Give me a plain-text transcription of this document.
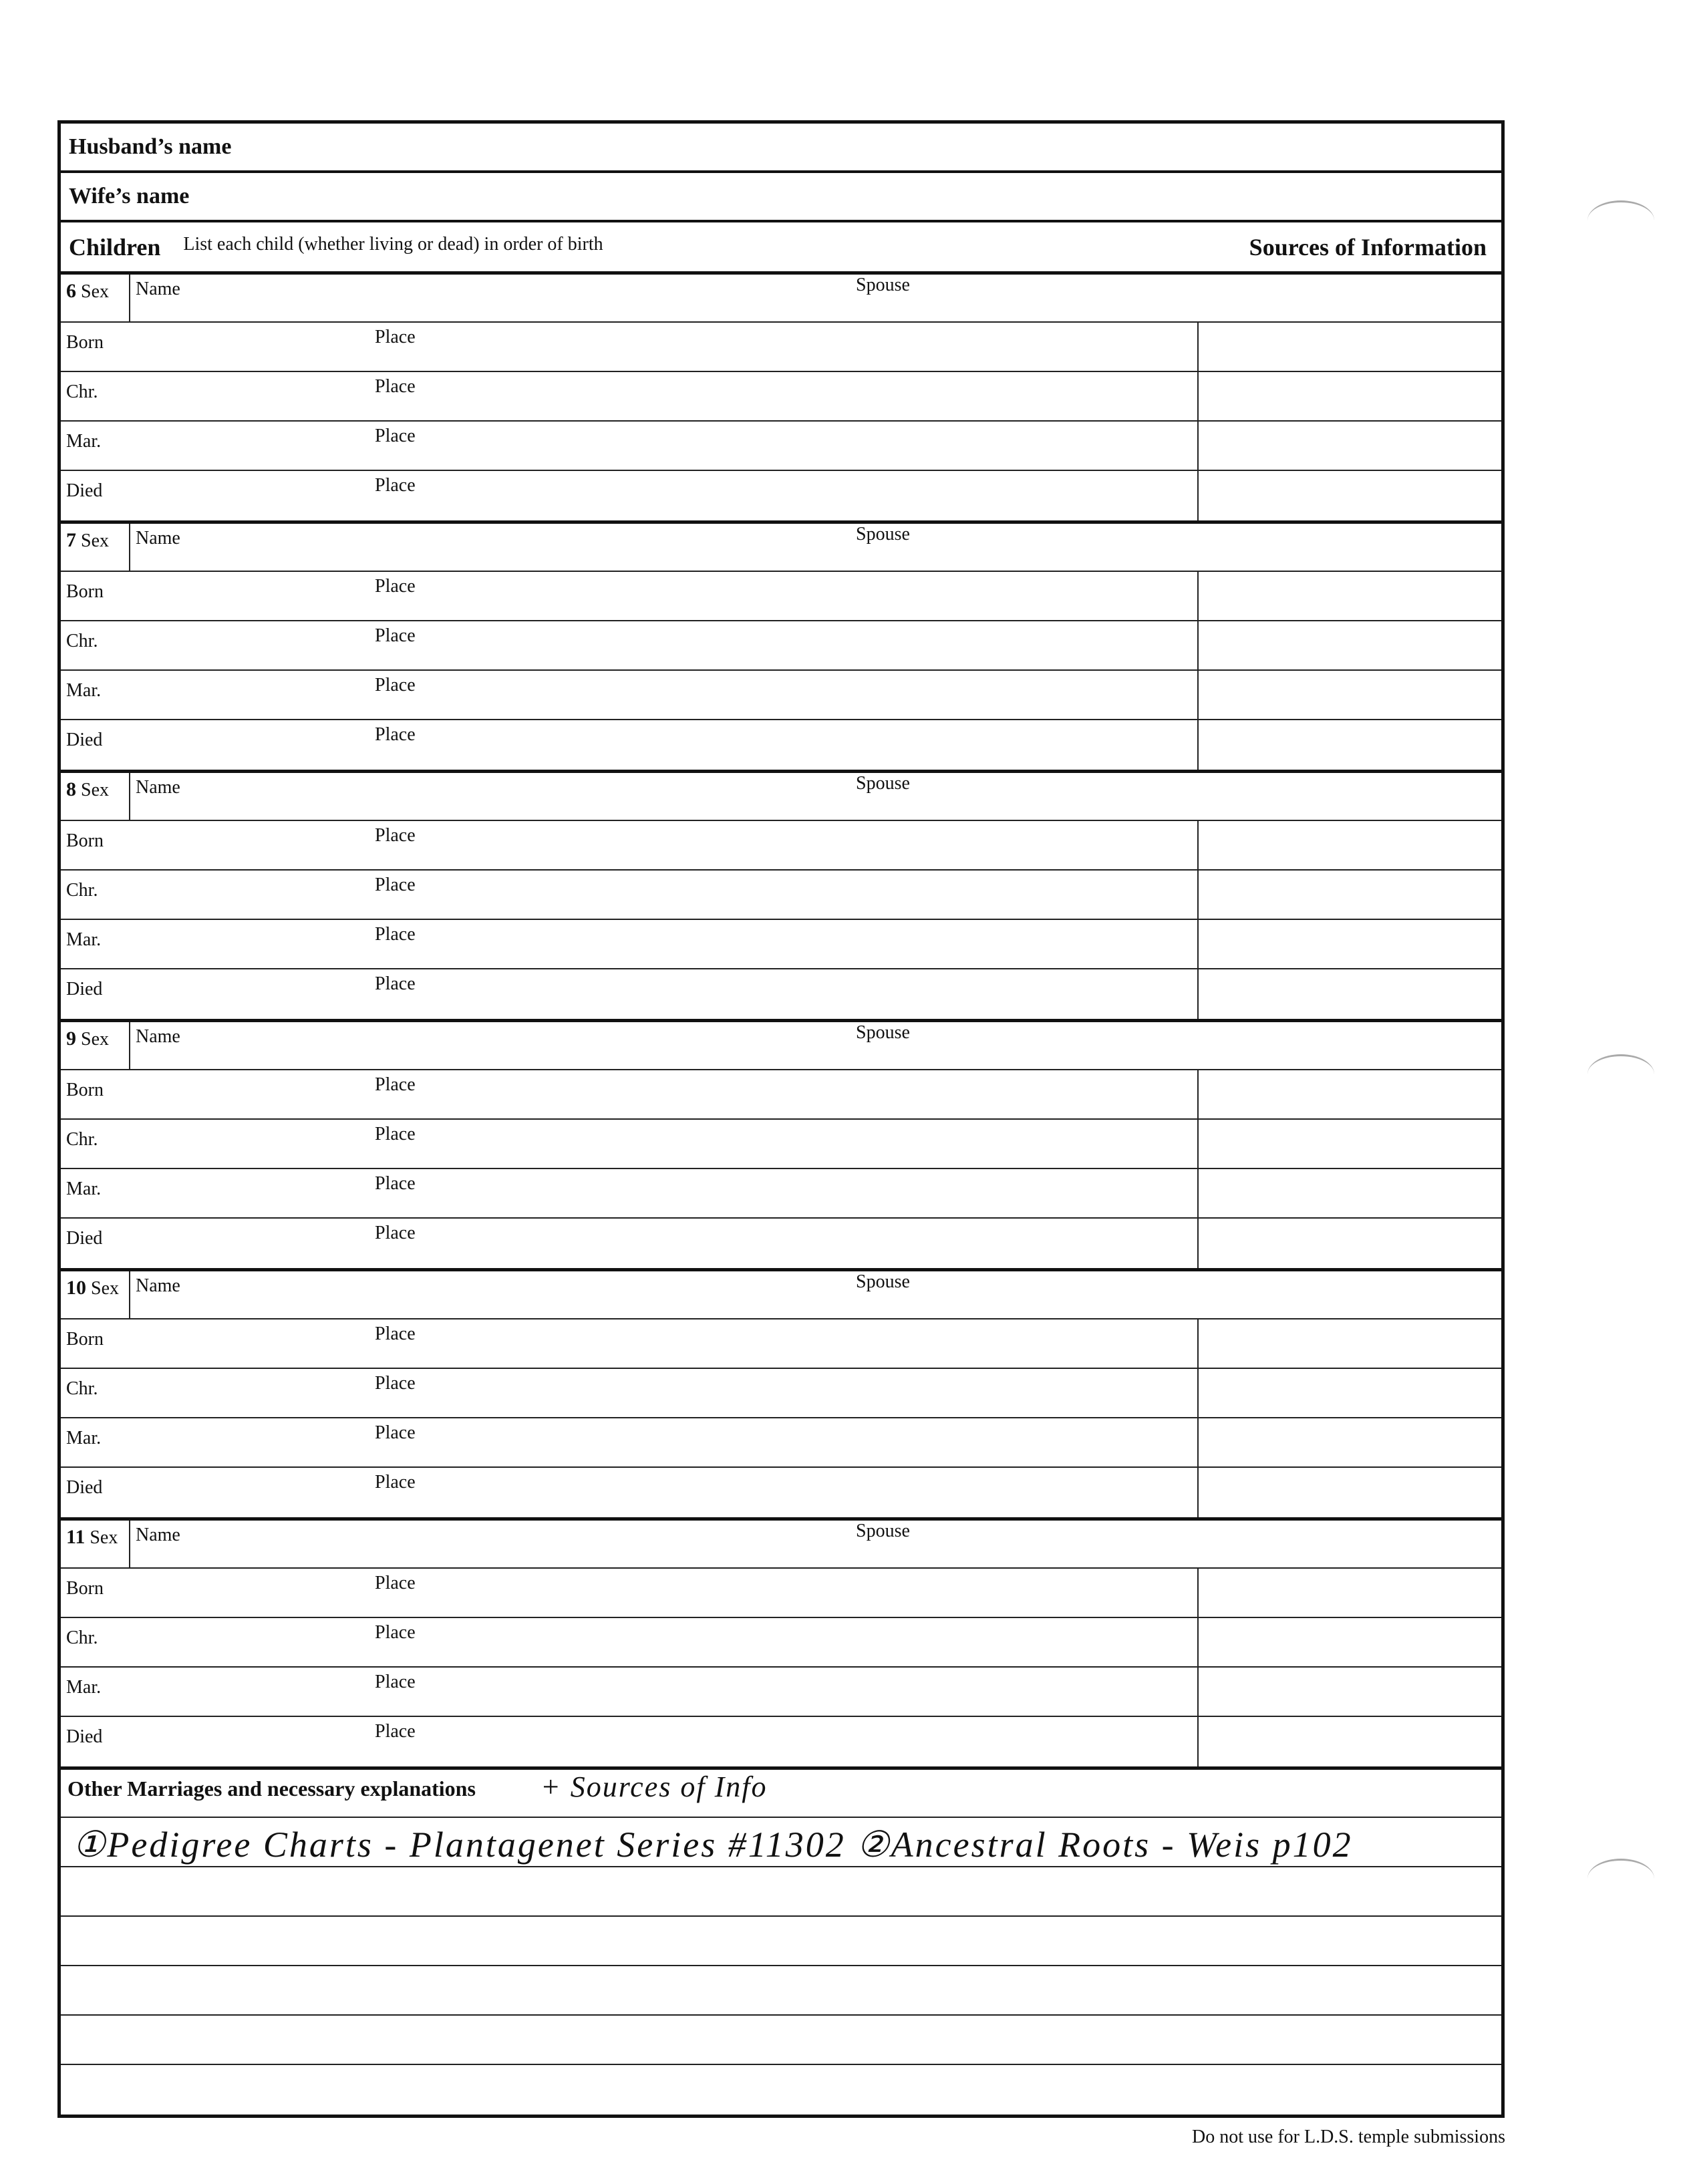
Husband’s name
Wife’s name
Children List each child (whether living or dead) in order of birth	Sources of Information
6 Sex	Name	Spouse
Born	Place
Chr.	Place
Mar.	Place
Died	Place
7 Sex	Name	Spouse
Born	Place
Chr.	Place
Mar.	Place
Died	Place
8 Sex	Name	Spouse
Born	Place
Chr.	Place
Mar.	Place
Died	Place
9 Sex	Name	Spouse
Born	Place
Chr.	Place
Mar.	Place
Died	Place
10 Sex Name	Spouse
Born	Place
Chr.	Place
Mar.	Place
Died	Place
11 Sex Name	Spouse
Born	Place
Chr.	Place
Mar.	Place
Died	Place
Other Marriages and necessary explanations + Sources of Info
①Pedigree Charts - Plantagenet Series #11302 ②Ancestral Roots - Weis p102
Do not use for L.D.S. temple submissions
